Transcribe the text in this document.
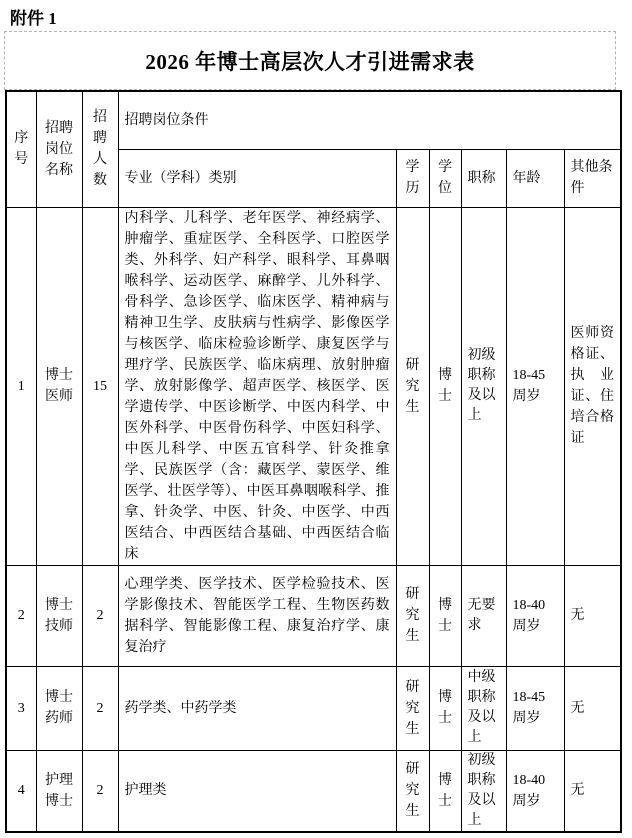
附件 1
2026 年博士高层次人才引进需求表
序号	招聘岗位名称	招聘人数	招聘岗位条件					
			专业（学科）类别	学历	学位	职称	年龄	其他条件
1	博士医师	15	内科学、儿科学、老年医学、神经病学、肿瘤学、重症医学、全科医学、口腔医学类、外科学、妇产科学、眼科学、耳鼻咽喉科学、运动医学、麻醉学、儿外科学、骨科学、急诊医学、临床医学、精神病与精神卫生学、皮肤病与性病学、影像医学与核医学、临床检验诊断学、康复医学与理疗学、民族医学、临床病理、放射肿瘤学、放射影像学、超声医学、核医学、医学遗传学、中医诊断学、中医内科学、中医外科学、中医骨伤科学、中医妇科学、中医儿科学、中医五官科学、针灸推拿学、民族医学（含：藏医学、蒙医学、维医学、壮医学等）、中医耳鼻咽喉科学、推拿、针灸学、中医、针灸、中医学、中西医结合、中西医结合基础、中西医结合临床	研究生	博士	初级职称及以上	18-45 周岁	医师资格证、执业证、住培合格证
2	博士技师	2	心理学类、医学技术、医学检验技术、医学影像技术、智能医学工程、生物医药数据科学、智能影像工程、康复治疗学、康复治疗	研究生	博士	无要求	18-40 周岁	无
3	博士药师	2	药学类、中药学类	研究生	博士	中级职称及以上	18-45 周岁	无
4	护理博士	2	护理类	研究生	博士	初级职称及以上	18-40 周岁	无
